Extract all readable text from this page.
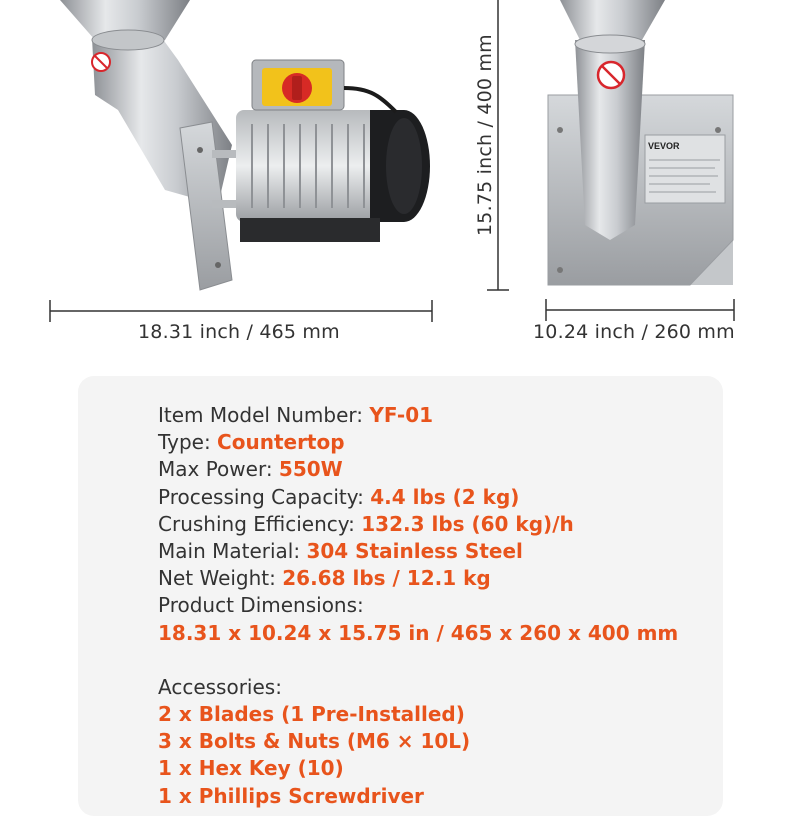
VEVOR
18.31 inch / 465 mm	10.24 inch / 260 mm
15.75 inch / 400 mm
Item Model Number: YF-01
Type: Countertop
Max Power: 550W
Processing Capacity: 4.4 lbs (2 kg)
Crushing Efficiency: 132.3 lbs (60 kg)/h
Main Material: 304 Stainless Steel
Net Weight: 26.68 lbs / 12.1 kg
Product Dimensions:
18.31 x 10.24 x 15.75 in / 465 x 260 x 400 mm
Accessories:
2 x Blades (1 Pre-Installed)
3 x Bolts & Nuts (M6 × 10L)
1 x Hex Key (10)
1 x Phillips Screwdriver
